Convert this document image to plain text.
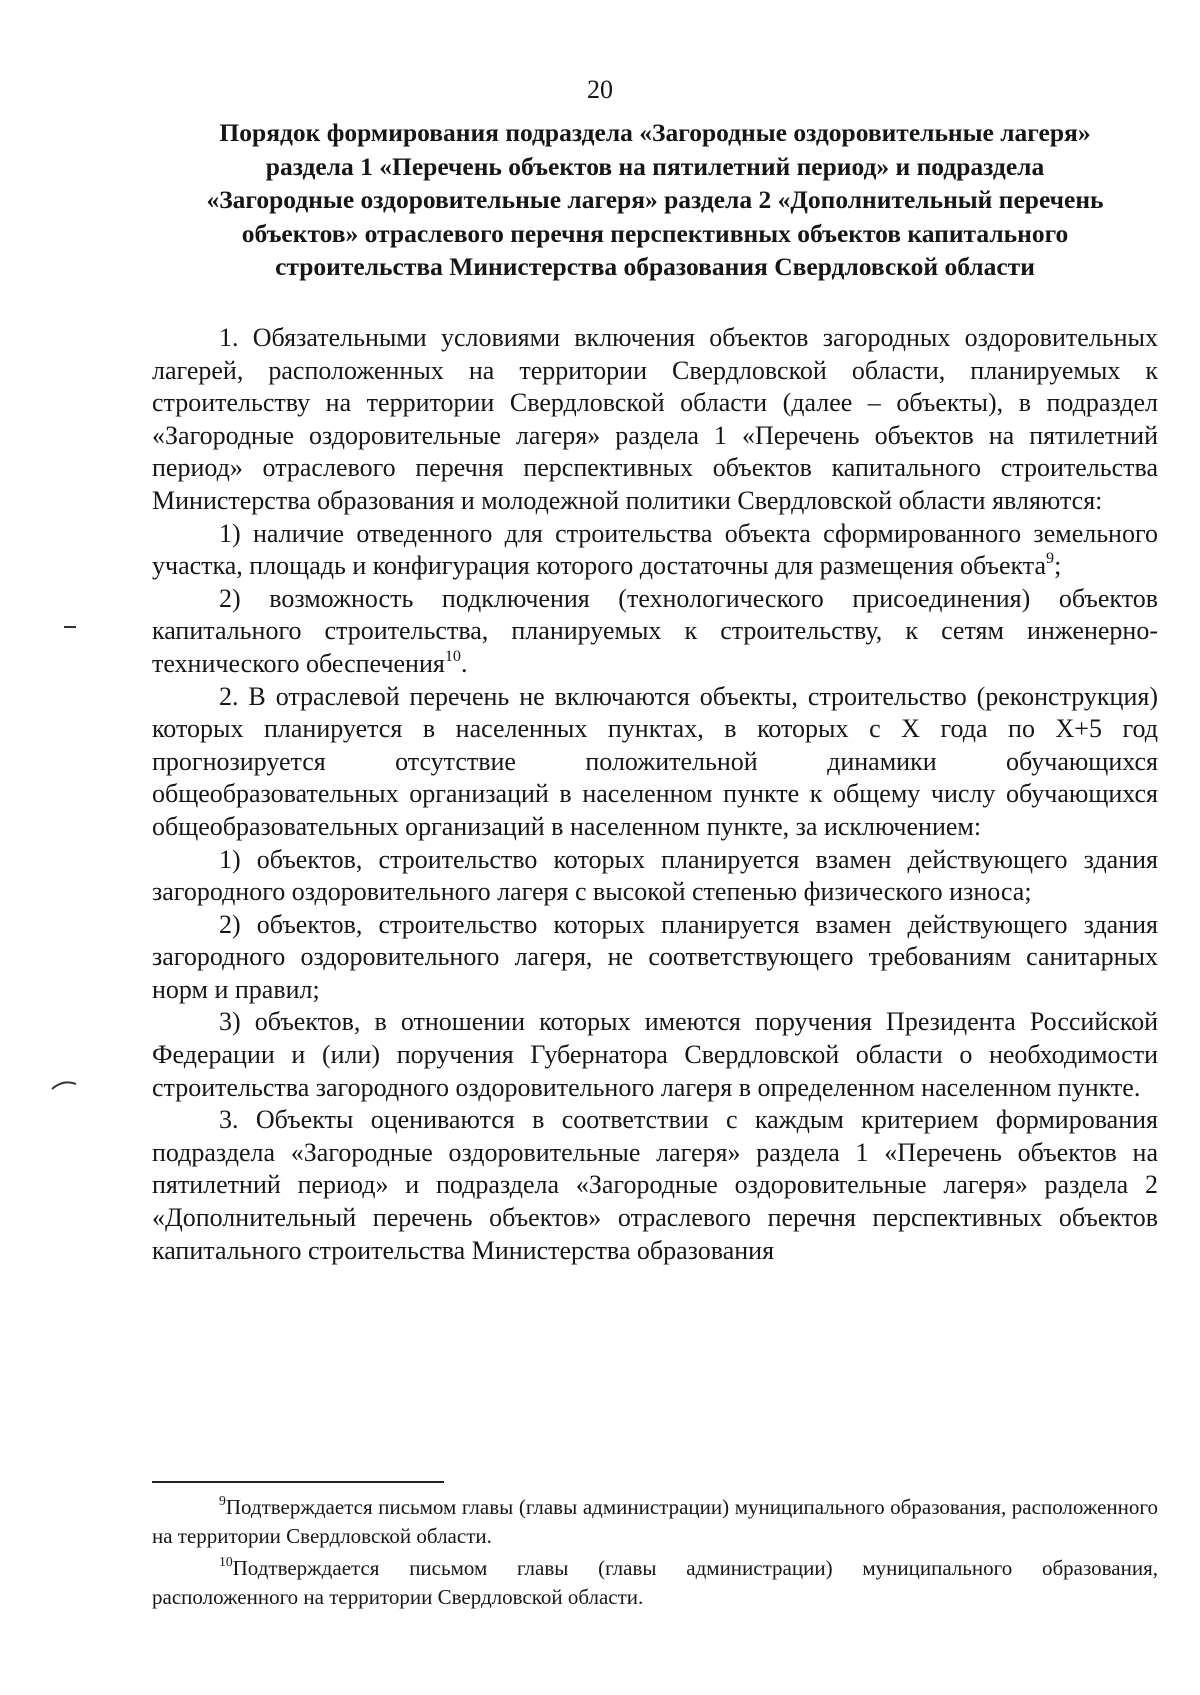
20
Порядок формирования подраздела «Загородные оздоровительные лагеря»
раздела 1 «Перечень объектов на пятилетний период» и подраздела
«Загородные оздоровительные лагеря» раздела 2 «Дополнительный перечень
объектов» отраслевого перечня перспективных объектов капитального
строительства Министерства образования Свердловской области

1. Обязательными условиями включения объектов загородных оздоровительных лагерей, расположенных на территории Свердловской области, планируемых к строительству на территории Свердловской области (далее – объекты), в подраздел «Загородные оздоровительные лагеря» раздела 1 «Перечень объектов на пятилетний период» отраслевого перечня перспективных объектов капитального строительства Министерства образования и молодежной политики Свердловской области являются:

1) наличие отведенного для строительства объекта сформированного земельного участка, площадь и конфигурация которого достаточны для размещения объекта$^9$;

2) возможность подключения (технологического присоединения) объектов капитального строительства, планируемых к строительству, к сетям инженерно-технического обеспечения$^{10}$.

2. В отраслевой перечень не включаются объекты, строительство (реконструкция) которых планируется в населенных пунктах, в которых с X года по X+5 год прогнозируется отсутствие положительной динамики обучающихся общеобразовательных организаций в населенном пункте к общему числу обучающихся общеобразовательных организаций в населенном пункте, за исключением:

1) объектов, строительство которых планируется взамен действующего здания загородного оздоровительного лагеря с высокой степенью физического износа;

2) объектов, строительство которых планируется взамен действующего здания загородного оздоровительного лагеря, не соответствующего требованиям санитарных норм и правил;

3) объектов, в отношении которых имеются поручения Президента Российской Федерации и (или) поручения Губернатора Свердловской области о необходимости строительства загородного оздоровительного лагеря в определенном населенном пункте.

3. Объекты оцениваются в соответствии с каждым критерием формирования подраздела «Загородные оздоровительные лагеря» раздела 1 «Перечень объектов на пятилетний период» и подраздела «Загородные оздоровительные лагеря» раздела 2 «Дополнительный перечень объектов» отраслевого перечня перспективных объектов капитального строительства Министерства образования

$^9$Подтверждается письмом главы (главы администрации) муниципального образования, расположенного на территории Свердловской области.

$^{10}$Подтверждается письмом главы (главы администрации) муниципального образования, расположенного на территории Свердловской области.
